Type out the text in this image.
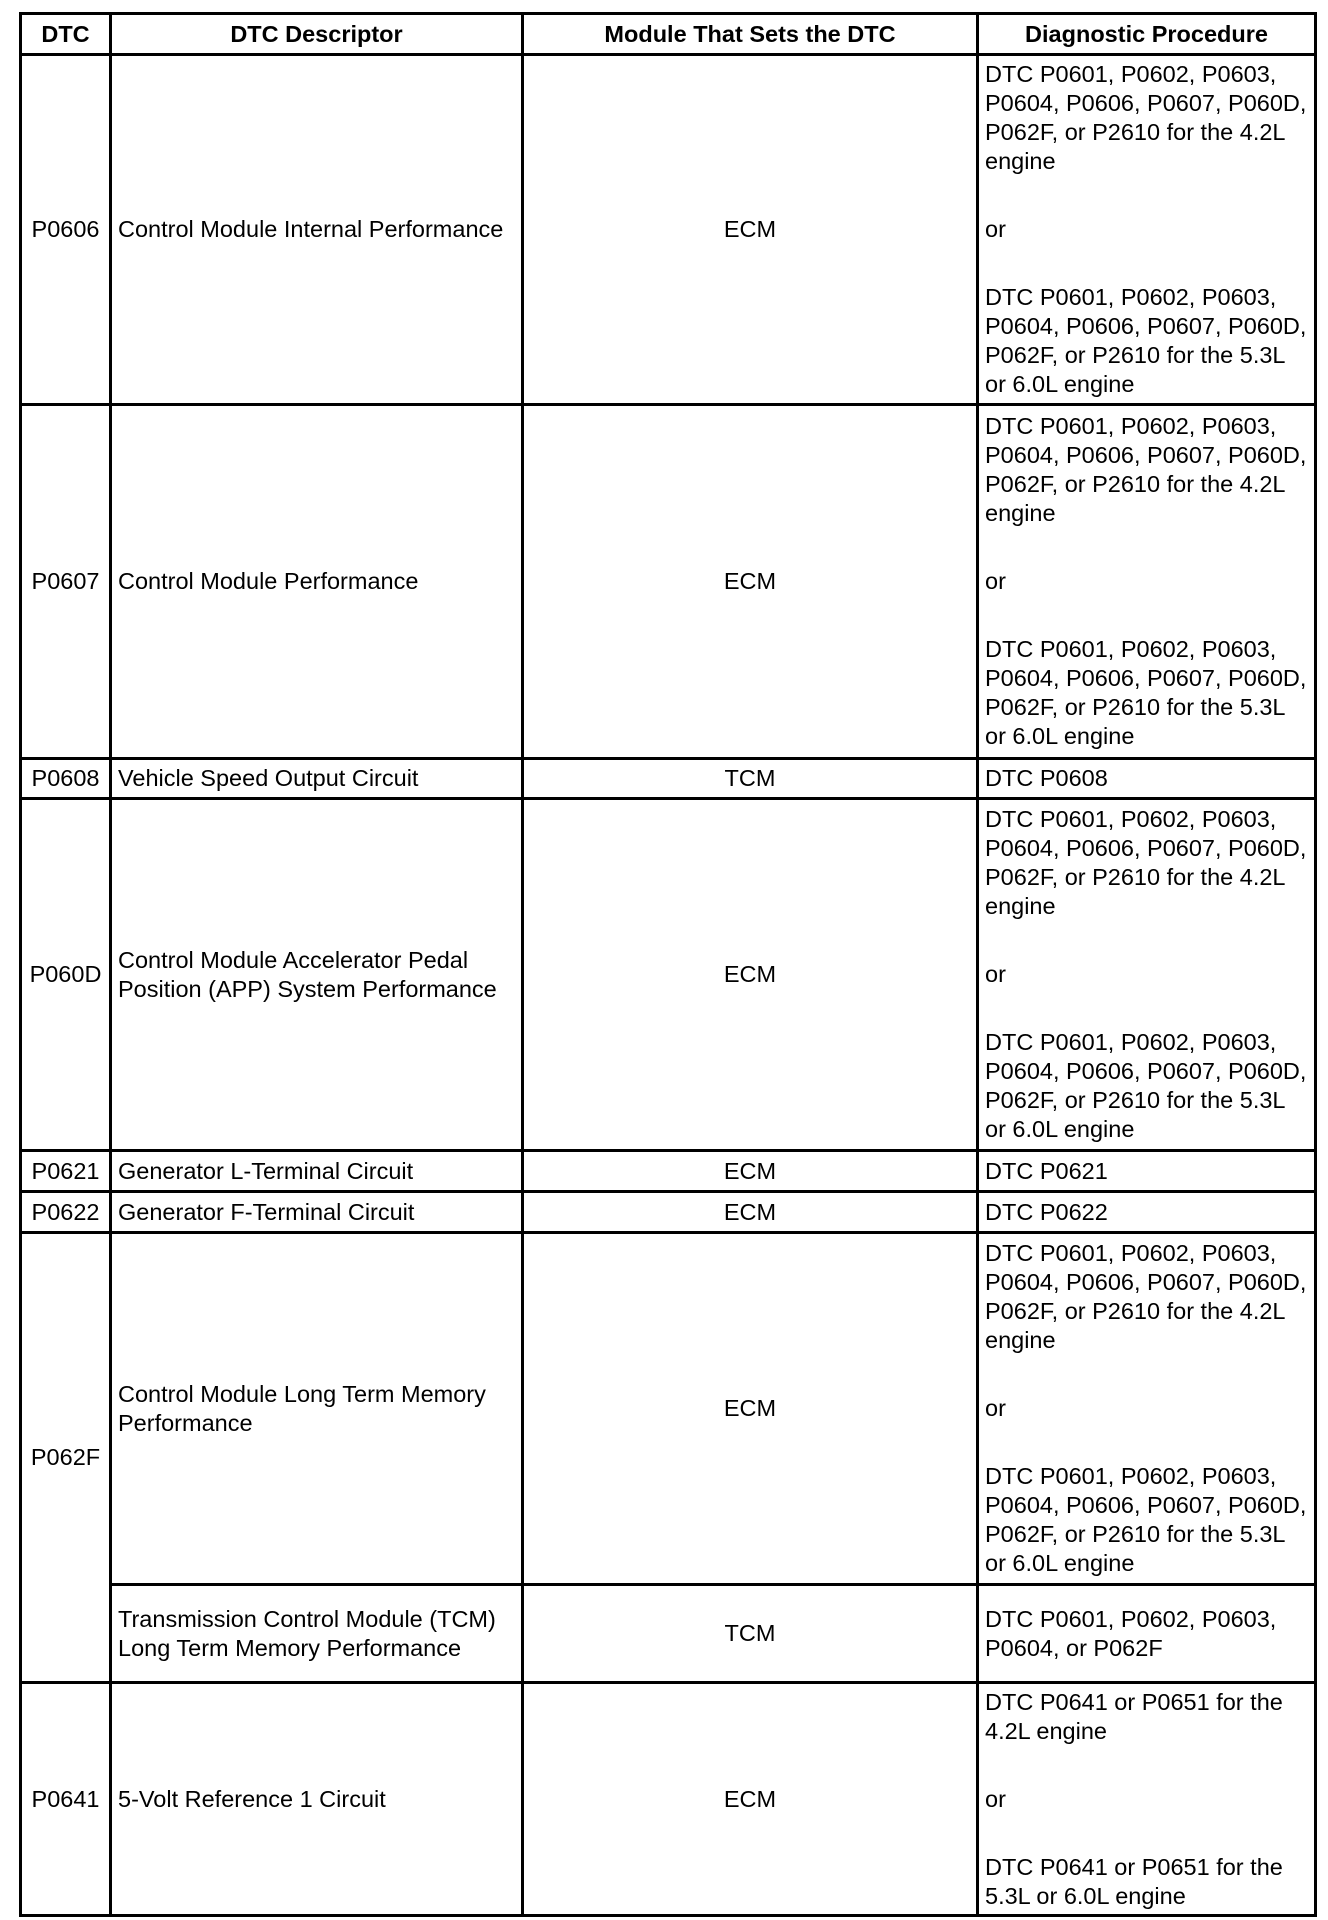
DTC	DTC Descriptor	Module That Sets the DTC	Diagnostic Procedure
P0606	Control Module Internal Performance	ECM	DTC P0601, P0602, P0603, P0604, P0606, P0607, P060D, P062F, or P2610 for the 4.2L engine
or
DTC P0601, P0602, P0603, P0604, P0606, P0607, P060D, P062F, or P2610 for the 5.3L or 6.0L engine

P0607	Control Module Performance	ECM	DTC P0601, P0602, P0603, P0604, P0606, P0607, P060D, P062F, or P2610 for the 4.2L engine
or
DTC P0601, P0602, P0603, P0604, P0606, P0607, P060D, P062F, or P2610 for the 5.3L or 6.0L engine

P0608	Vehicle Speed Output Circuit	TCM	DTC P0608
P060D	Control Module Accelerator Pedal Position (APP) System Performance	ECM	DTC P0601, P0602, P0603, P0604, P0606, P0607, P060D, P062F, or P2610 for the 4.2L engine
or
DTC P0601, P0602, P0603, P0604, P0606, P0607, P060D, P062F, or P2610 for the 5.3L or 6.0L engine

P0621	Generator L-Terminal Circuit	ECM	DTC P0621
P0622	Generator F-Terminal Circuit	ECM	DTC P0622
P062F	Control Module Long Term Memory Performance	ECM	DTC P0601, P0602, P0603, P0604, P0606, P0607, P060D, P062F, or P2610 for the 4.2L engine
or
DTC P0601, P0602, P0603, P0604, P0606, P0607, P060D, P062F, or P2610 for the 5.3L or 6.0L engine

	Transmission Control Module (TCM) Long Term Memory Performance	TCM	DTC P0601, P0602, P0603, P0604, or P062F
P0641	5-Volt Reference 1 Circuit	ECM	DTC P0641 or P0651 for the 4.2L engine
or
DTC P0641 or P0651 for the 5.3L or 6.0L engine
